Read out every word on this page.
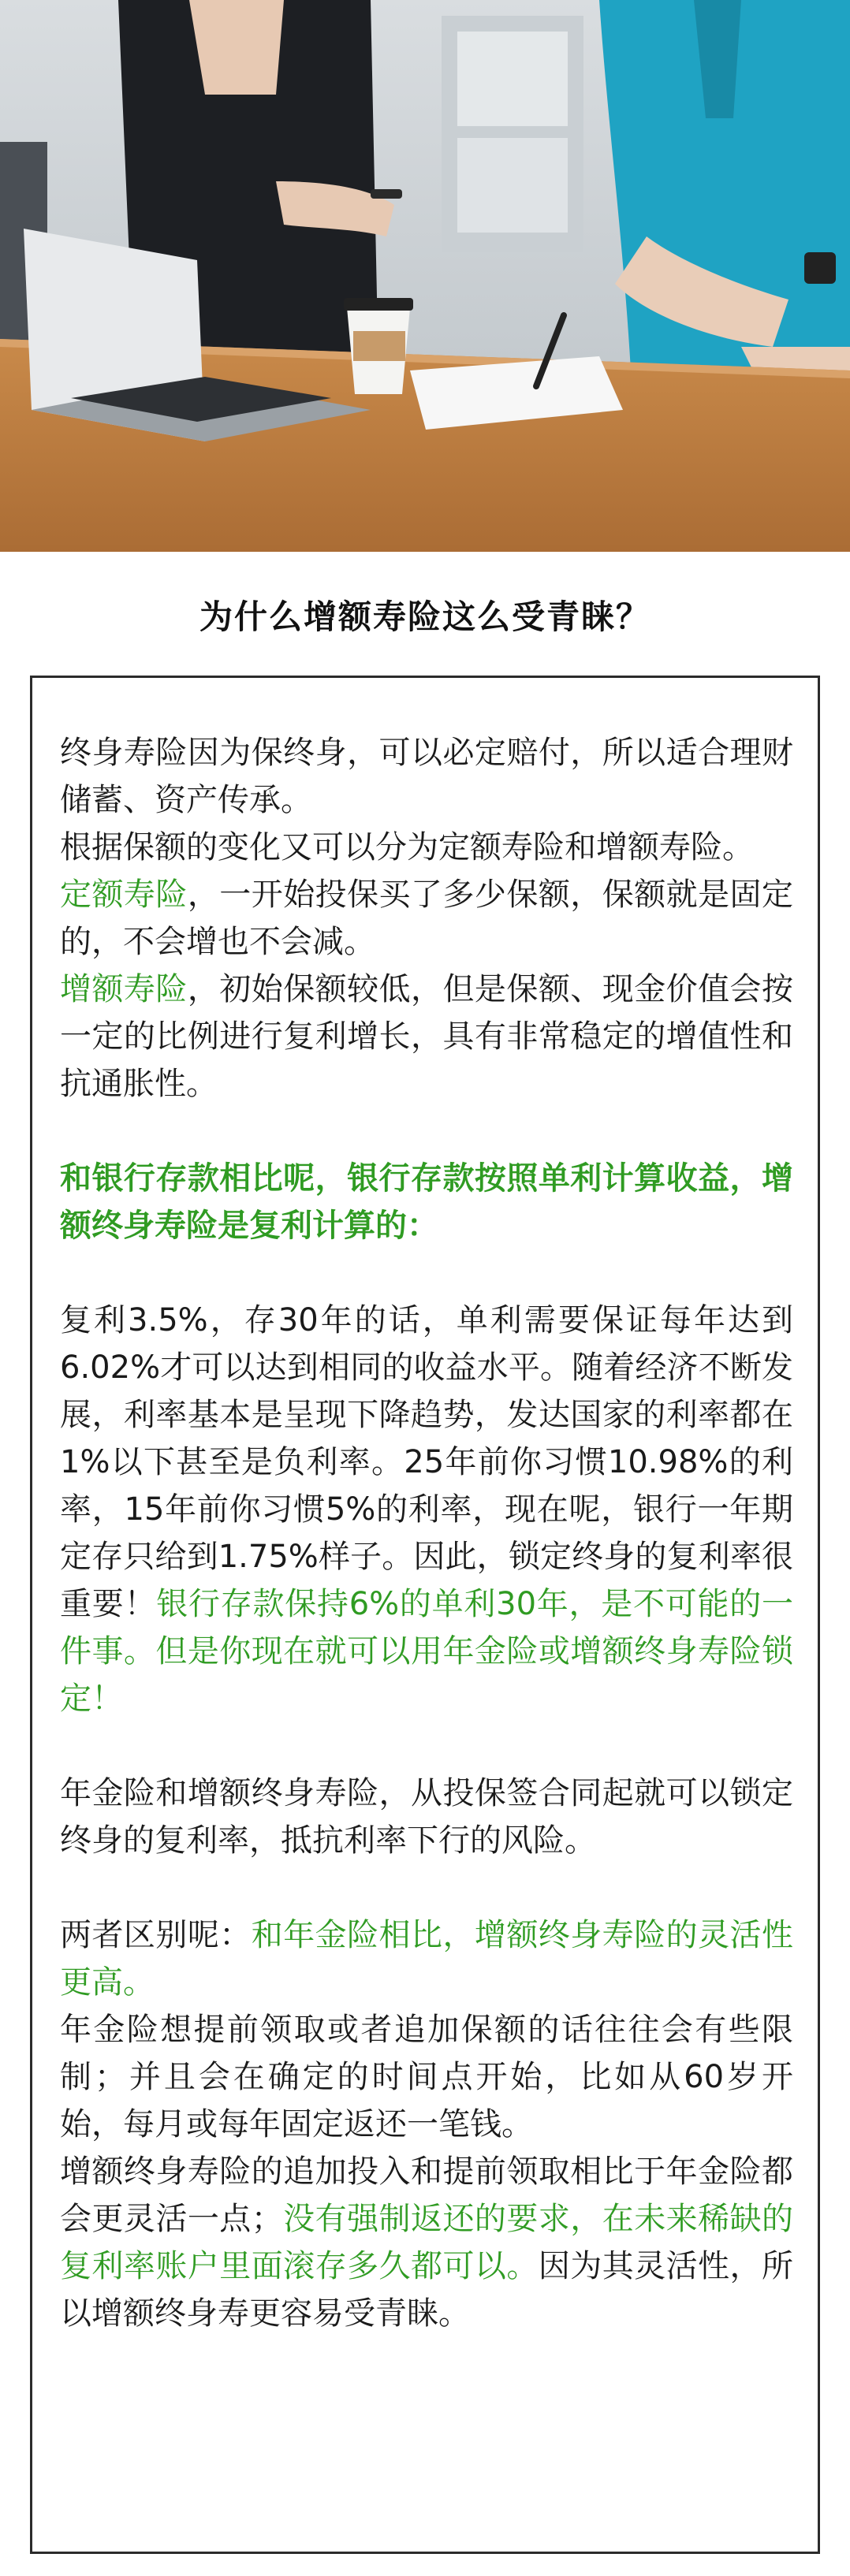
为什么增额寿险这么受青睐？

终身寿险因为保终身，可以必定赔付，所以适合理财储蓄、资产传承。

根据保额的变化又可以分为定额寿险和增额寿险。

定额寿险，一开始投保买了多少保额，保额就是固定的，不会增也不会减。

增额寿险，初始保额较低，但是保额、现金价值会按一定的比例进行复利增长，具有非常稳定的增值性和抗通胀性。

和银行存款相比呢，银行存款按照单利计算收益，增额终身寿险是复利计算的：

复利3.5%，存30年的话，单利需要保证每年达到6.02%才可以达到相同的收益水平。随着经济不断发展，利率基本是呈现下降趋势，发达国家的利率都在1%以下甚至是负利率。25年前你习惯10.98%的利率，15年前你习惯5%的利率，现在呢，银行一年期定存只给到1.75%样子。因此，锁定终身的复利率很重要！银行存款保持6%的单利30年，是不可能的一件事。但是你现在就可以用年金险或增额终身寿险锁定！

年金险和增额终身寿险，从投保签合同起就可以锁定终身的复利率，抵抗利率下行的风险。

两者区别呢：和年金险相比，增额终身寿险的灵活性更高。

年金险想提前领取或者追加保额的话往往会有些限制；并且会在确定的时间点开始，比如从60岁开始，每月或每年固定返还一笔钱。

增额终身寿险的追加投入和提前领取相比于年金险都会更灵活一点；没有强制返还的要求，在未来稀缺的复利率账户里面滚存多久都可以。因为其灵活性，所以增额终身寿更容易受青睐。
